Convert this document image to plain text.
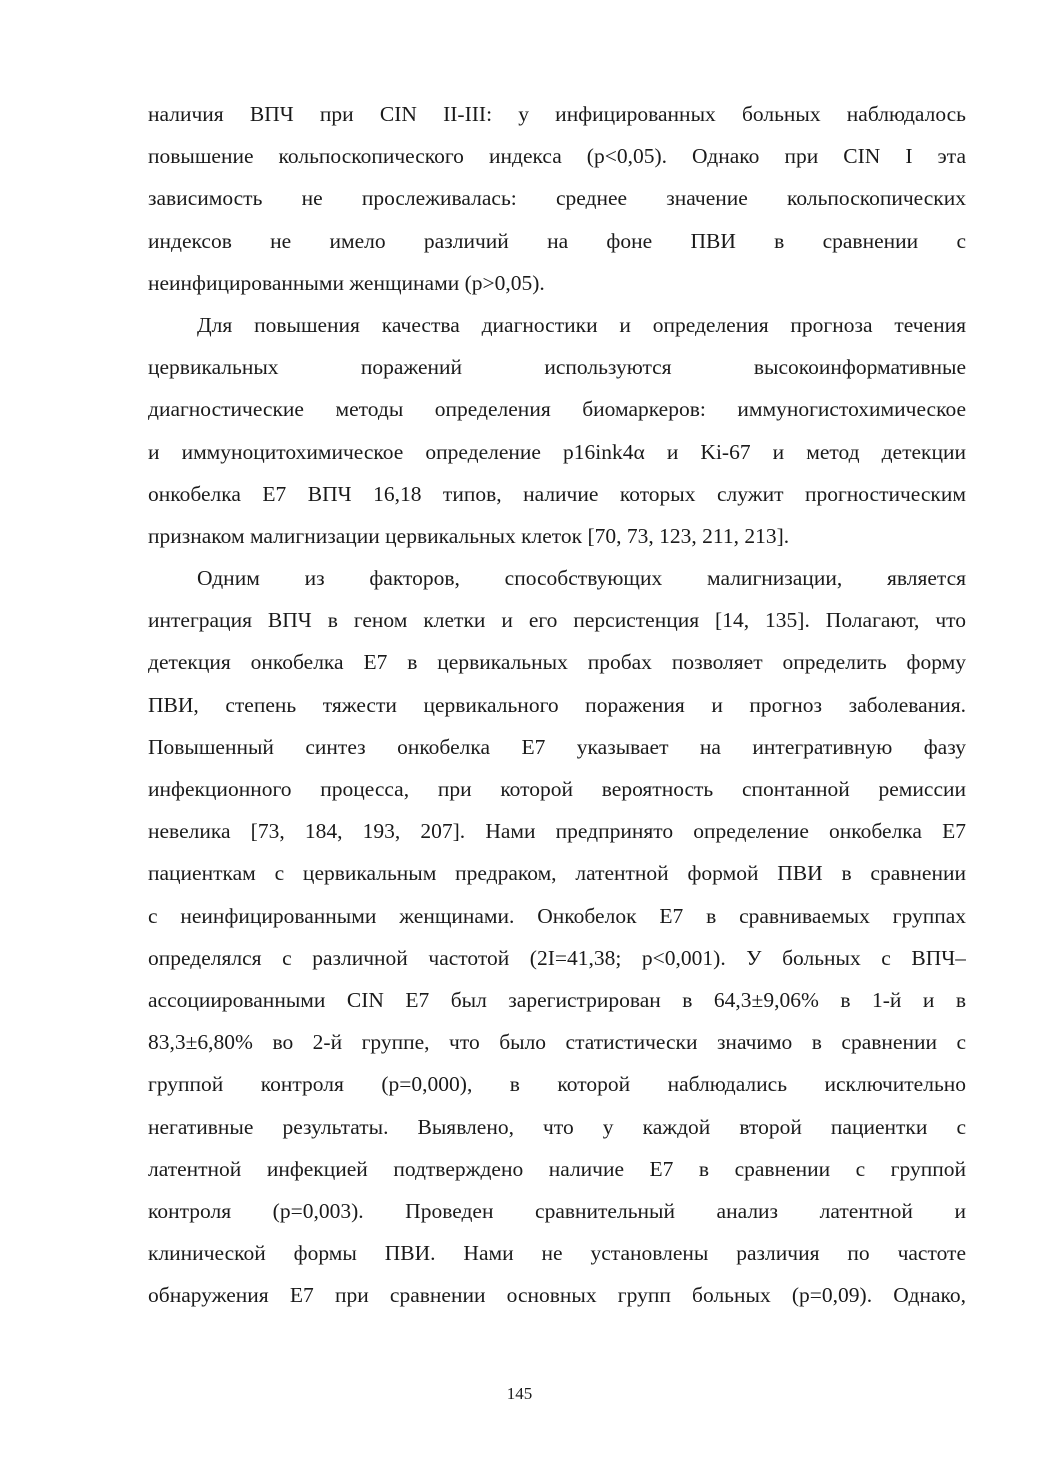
наличия ВПЧ при CIN II-III: у инфицированных больных наблюдалось
повышение кольпоскопического индекса (p<0,05). Однако при CIN I эта
зависимость не прослеживалась: среднее значение кольпоскопических
индексов не имело различий на фоне ПВИ в сравнении с
неинфицированными женщинами (p>0,05).
Для повышения качества диагностики и определения прогноза течения
цервикальных поражений используются высокоинформативные
диагностические методы определения биомаркеров: иммуногистохимическое
и иммуноцитохимическое определение p16ink4α и Ki-67 и метод детекции
онкобелка Е7 ВПЧ 16,18 типов, наличие которых служит прогностическим
признаком малигнизации цервикальных клеток [70, 73, 123, 211, 213].
Одним из факторов, способствующих малигнизации, является
интеграция ВПЧ в геном клетки и его персистенция [14, 135]. Полагают, что
детекция онкобелка Е7 в цервикальных пробах позволяет определить форму
ПВИ, степень тяжести цервикального поражения и прогноз заболевания.
Повышенный синтез онкобелка Е7 указывает на интегративную фазу
инфекционного процесса, при которой вероятность спонтанной ремиссии
невелика [73, 184, 193, 207]. Нами предпринято определение онкобелка Е7
пациенткам с цервикальным предраком, латентной формой ПВИ в сравнении
с неинфицированными женщинами. Онкобелок Е7 в сравниваемых группах
определялся с различной частотой (2I=41,38; p<0,001). У больных с ВПЧ–
ассоциированными CIN Е7 был зарегистрирован в 64,3±9,06% в 1-й и в
83,3±6,80% во 2-й группе, что было статистически значимо в сравнении с
группой контроля (p=0,000), в которой наблюдались исключительно
негативные результаты. Выявлено, что у каждой второй пациентки с
латентной инфекцией подтверждено наличие Е7 в сравнении с группой
контроля (p=0,003). Проведен сравнительный анализ латентной и
клинической формы ПВИ. Нами не установлены различия по частоте
обнаружения Е7 при сравнении основных групп больных (p=0,09). Однако,
145
